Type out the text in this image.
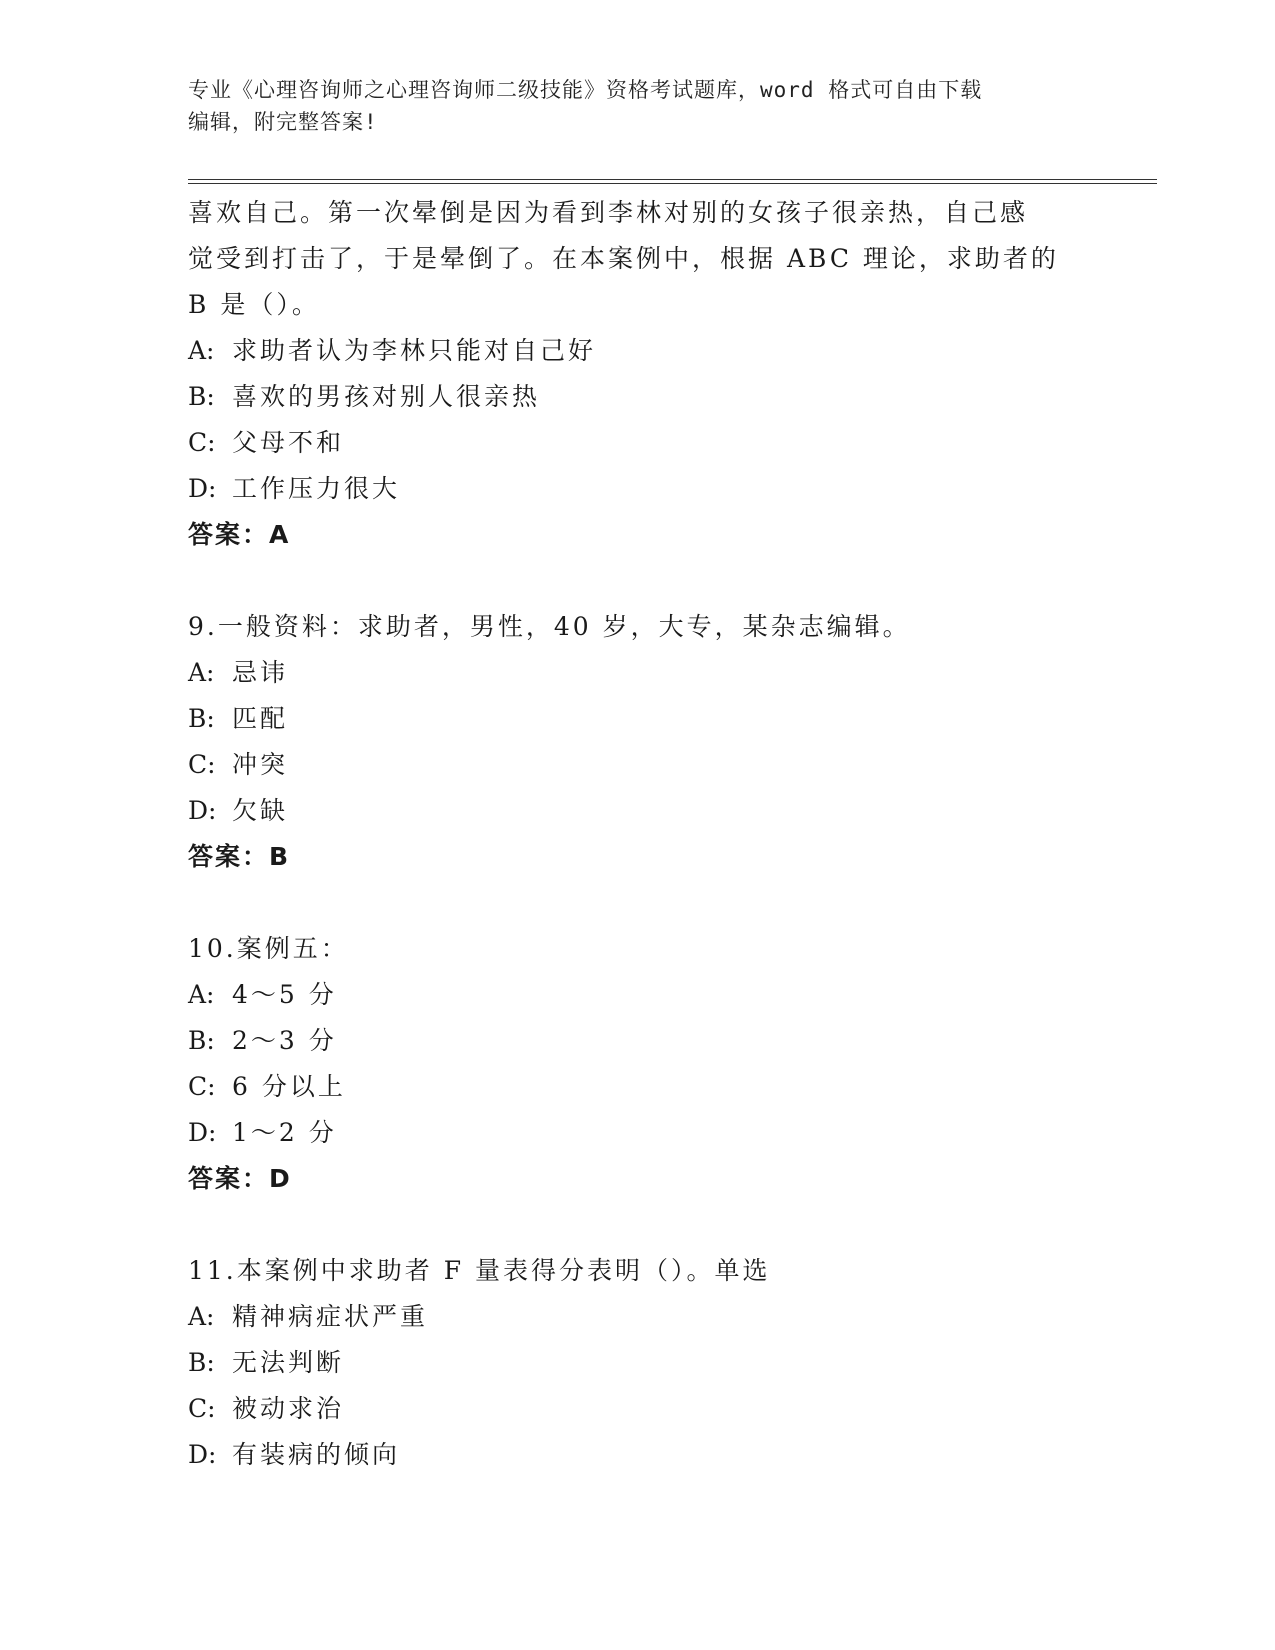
专业《心理咨询师之心理咨询师二级技能》资格考试题库，word 格式可自由下载
编辑，附完整答案!
喜欢自己。第一次晕倒是因为看到李林对别的女孩子很亲热，自己感
觉受到打击了，于是晕倒了。在本案例中，根据 ABC 理论，求助者的
B 是（）。
A: 求助者认为李林只能对自己好
B: 喜欢的男孩对别人很亲热
C: 父母不和
D: 工作压力很大
答案：A
9.一般资料：求助者，男性，40 岁，大专，某杂志编辑。
A: 忌讳
B: 匹配
C: 冲突
D: 欠缺
答案：B
10.案例五：
A: 4～5 分
B: 2～3 分
C: 6 分以上
D: 1～2 分
答案：D
11.本案例中求助者 F 量表得分表明（）。单选
A: 精神病症状严重
B: 无法判断
C: 被动求治
D: 有装病的倾向
